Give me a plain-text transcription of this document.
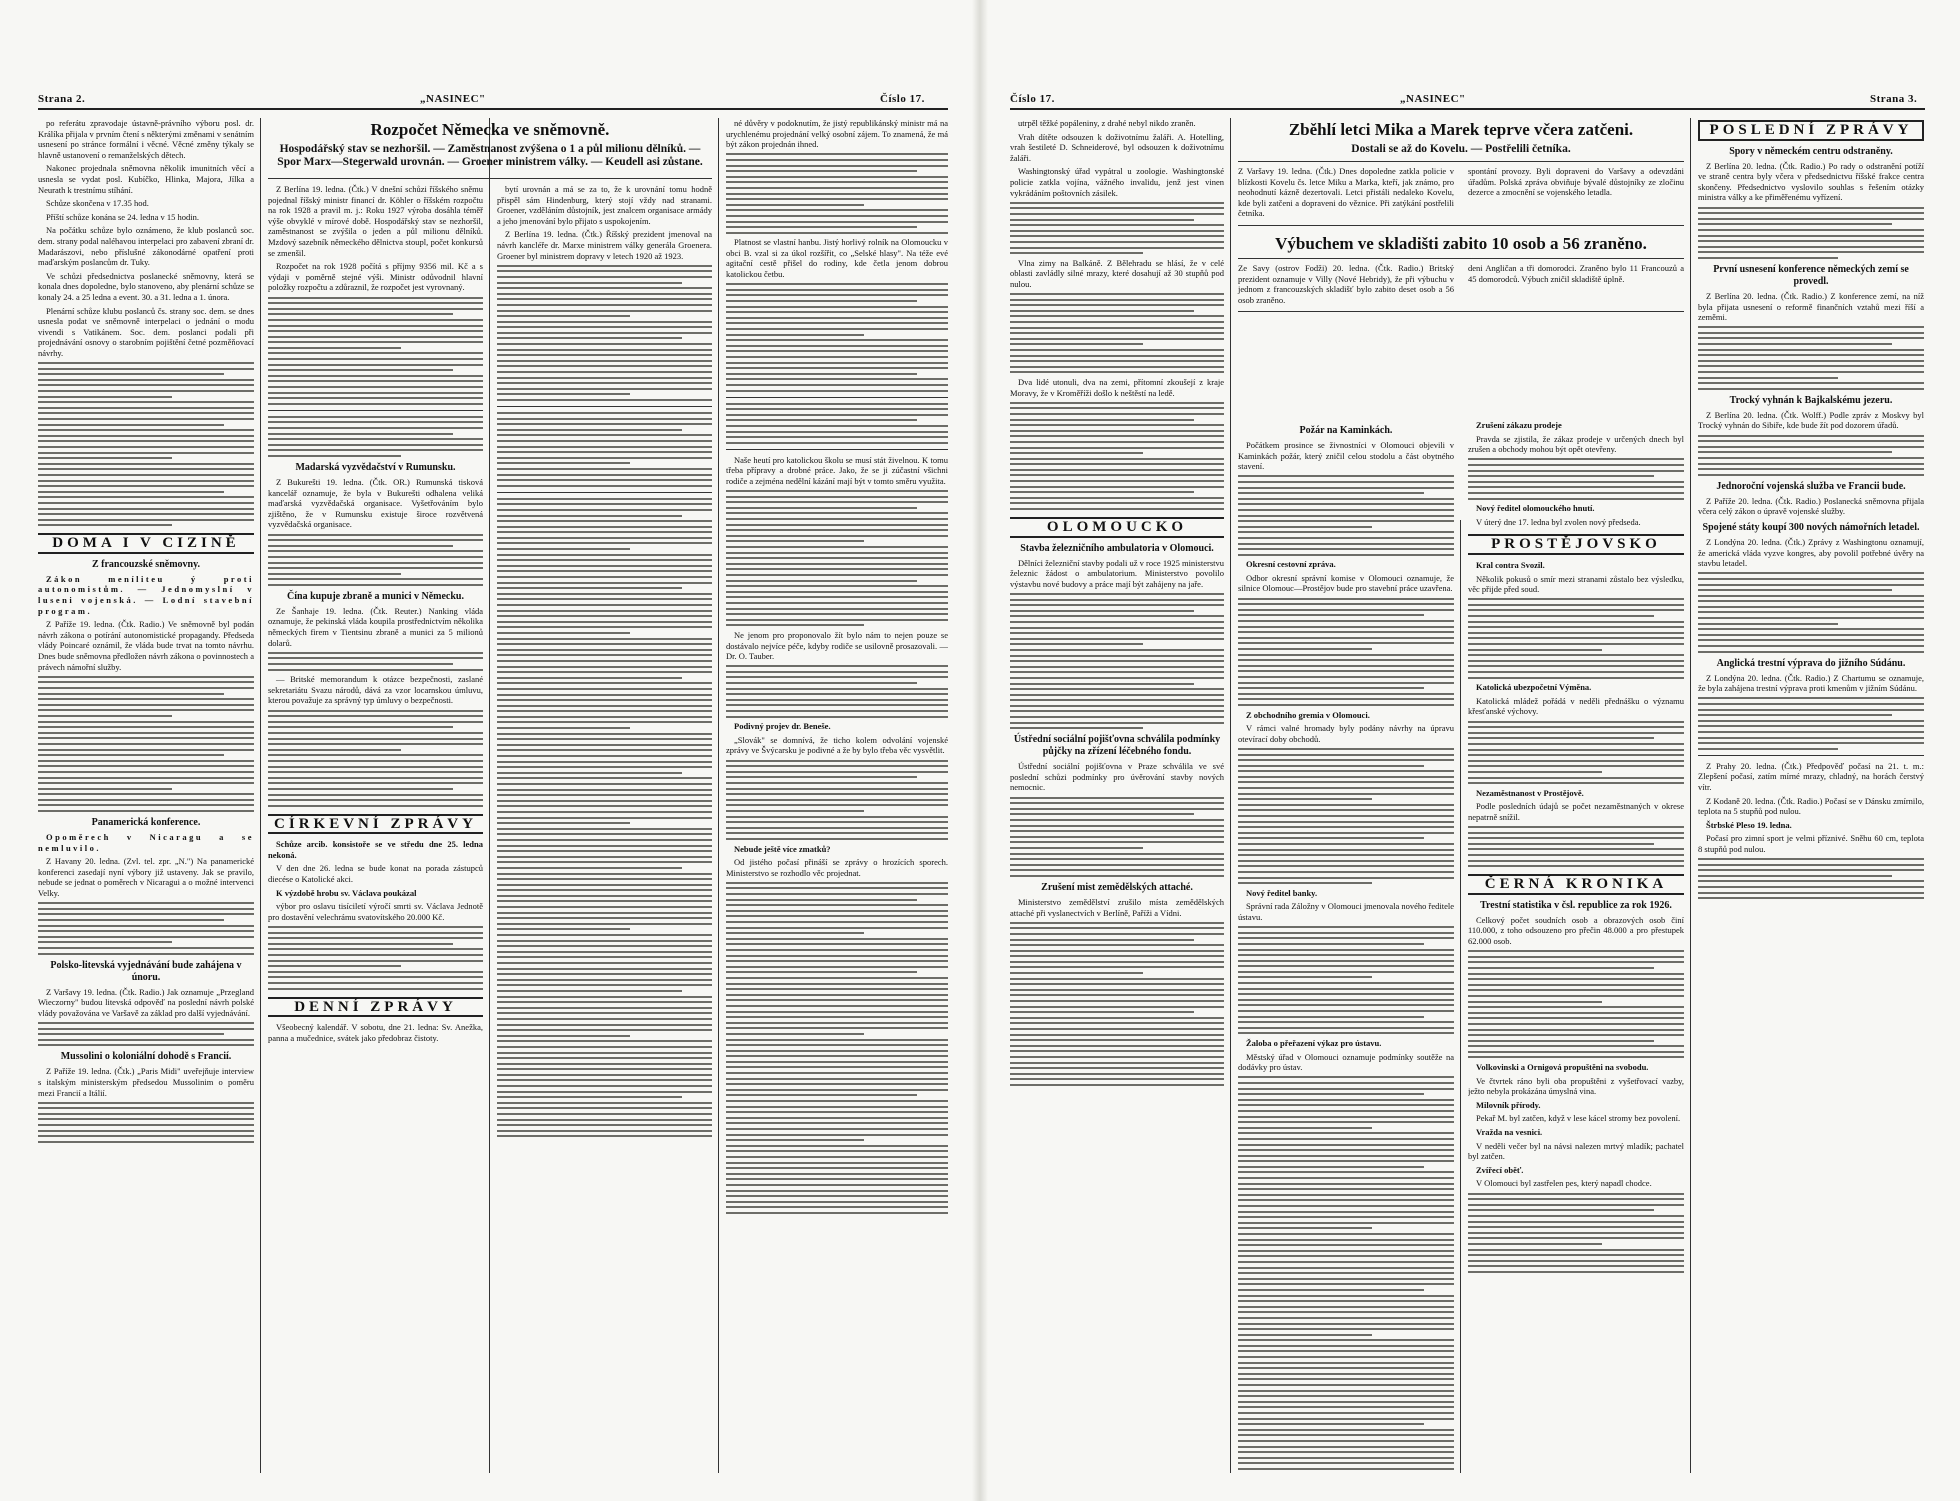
Strana 2.	„NASINEC"	Číslo 17.

po referátu zpravodaje ústavně-právního výboru posl. dr. Králíka přijala v prvním čtení s některými změnami v senátním usnesení po stránce formální i věcné. Věcné změny týkaly se hlavně ustanovení o remanželských dětech.

Nakonec projednala sněmovna několik imunitních věcí a usnesla se vydat posl. Kubíčko, Hlinka, Majora, Jílka a Neurath k trestnímu stíhání.

Schůze skončena v 17.35 hod.

Příští schůze konána se 24. ledna v 15 hodin.

Na počátku schůze bylo oznámeno, že klub poslanců soc. dem. strany podal naléhavou interpelaci pro zabavení zbraní dr. Madarászovi, nebo příslušné zákonodárné opatření proti maďarským poslancům dr. Tuky.

Ve schůzi předsednictva poslanecké sněmovny, která se konala dnes dopoledne, bylo stanoveno, aby plenární schůze se konaly 24. a 25 ledna a event. 30. a 31. ledna a 1. února.

Plenární schůze klubu poslanců čs. strany soc. dem. se dnes usnesla podat ve sněmovně interpelaci o jednání o modu vivendi s Vatikánem. Soc. dem. poslanci podali při projednávání osnovy o starobním pojištění četné pozměňovací návrhy.

DOMA I V CIZINĚ
Z francouzské sněmovny.

Zákon meníliteu ý proti autonomistům. — Jednomyslní v luseni vojenská. — Lodní stavební program.

Z Paříže 19. ledna. (Čtk. Radio.) Ve sněmovně byl podán návrh zákona o potírání autonomistické propagandy. Předseda vlády Poincaré oznámil, že vláda bude trvat na tomto návrhu. Dnes bude sněmovna předložen návrh zákona o povinnostech a právech námořní služby.

Panamerická konference.

Opoměrech v Nicaragu a se nemluvilo.

Z Havany 20. ledna. (Zvl. tel. zpr. „N.") Na panamerické konferenci zasedají nyní výbory již ustaveny. Jak se pravilo, nebude se jednat o poměrech v Nicaragui a o možné intervenci Velky.

Polsko-litevská vyjednávání bude zahájena v únoru.

Z Varšavy 19. ledna. (Čtk. Radio.) Jak oznamuje „Przegland Wieczorny" budou litevská odpověď na poslední návrh polské vlády považována ve Varšavě za základ pro další vyjednávání.

Mussolini o koloniální dohodě s Francií.

Z Paříže 19. ledna. (Čtk.) „Paris Midi" uveřejňuje interview s italským ministerským předsedou Mussolinim o poměru mezi Francií a Itálií.

Rozpočet Německa ve sněmovně.
Hospodářský stav se nezhoršil. — Zaměstnanost zvýšena o 1 a půl milionu dělníků. — Spor Marx—Stegerwald urovnán. — Groener ministrem války. — Keudell asi zůstane.

Z Berlína 19. ledna. (Čtk.) V dnešní schůzi říšského sněmu pojednal říšský ministr financí dr. Köhler o říšském rozpočtu na rok 1928 a pravil m. j.: Roku 1927 výroba dosáhla téměř výše obvyklé v mírové době. Hospodářský stav se nezhoršil, zaměstnanost se zvýšila o jeden a půl milionu dělníků. Mzdový sazebník německého dělnictva stoupl, počet konkursů se zmenšil.

Rozpočet na rok 1928 počítá s příjmy 9356 mil. Kč a s výdaji v poměrně stejné výši. Ministr odůvodnil hlavní položky rozpočtu a zdůraznil, že rozpočet jest vyrovnaný.

Madarská vyzvědačství v Rumunsku.

Z Bukurešti 19. ledna. (Čtk. OR.) Rumunská tisková kancelář oznamuje, že byla v Bukurešti odhalena veliká maďarská vyzvědačská organisace. Vyšetřováním bylo zjištěno, že v Rumunsku existuje široce rozvětvená vyzvědačská organisace.

Čína kupuje zbraně a munici v Německu.

Ze Šanhaje 19. ledna. (Čtk. Reuter.) Nanking vláda oznamuje, že pekinská vláda koupila prostřednictvím několika německých firem v Tientsinu zbraně a munici za 5 milionů dolarů.

— Britské memorandum k otázce bezpečnosti, zaslané sekretariátu Svazu národů, dává za vzor locarnskou úmluvu, kterou považuje za správný typ úmluvy o bezpečnosti.

CÍRKEVNÍ ZPRÁVY

Schůze arcib. konsistoře se ve středu dne 25. ledna nekoná.

V den dne 26. ledna se bude konat na porada zástupců diecése o Katolické akci.

K výzdobě hrobu sv. Václava poukázal

výbor pro oslavu tisíciletí výročí smrti sv. Václava Jednotě pro dostavění velechrámu svatovítského 20.000 Kč.

DENNÍ ZPRÁVY

Všeobecný kalendář. V sobotu, dne 21. ledna: Sv. Anežka, panna a mučednice, svátek jako předobraz čistoty.

bytí urovnán a má se za to, že k urovnání tomu hodně přispěl sám Hindenburg, který stojí vždy nad stranami. Groener, vzděláním důstojník, jest znalcem organisace armády a jeho jmenování bylo přijato s uspokojením.

Z Berlína 19. ledna. (Čtk.) Říšský prezident jmenoval na návrh kancléře dr. Marxe ministrem války generála Groenera. Groener byl ministrem dopravy v letech 1920 až 1923.

né důvěry v podoknutím, že jistý republikánský ministr má na urychlenému projednání velký osobní zájem. To znamená, že má být zákon projednán ihned.

Platnost se vlastní hanbu. Jistý horlivý rolník na Olomoucku v obci B. vzal si za úkol rozšířit, co „Selské hlasy". Na téže evé agitační cestě přišel do rodiny, kde četla jenom dobrou katolickou četbu.

Naše heutí pro katolickou školu se musí stát živelnou. K tomu třeba přípravy a drobné práce. Jako, že se ji zúčastní všichni rodiče a zejména nedělní kázání mají být v tomto směru využita.

Ne jenom pro proponovalo žít bylo nám to nejen pouze se dostávalo nejvíce péče, kdyby rodiče se usilovně prosazovali. — Dr. O. Tauber.

Podivný projev dr. Beneše.

„Slovák" se domnívá, že ticho kolem odvolání vojenské zprávy ve Švýcarsku je podivné a že by bylo třeba věc vysvětlit.

Nebude ještě více zmatků?

Od jistého počasí přináší se zprávy o hrozících sporech. Ministerstvo se rozhodlo věc projednat.

Číslo 17.	„NASINEC"	Strana 3.

utrpěl těžké popáleniny, z drahé nebyl nikdo zraněn.

Vrah dítěte odsouzen k doživotnímu žaláři. A. Hotelling, vrah šestileté D. Schneiderové, byl odsouzen k doživotnímu žaláři.

Washingtonský úřad vypátral u zoologie. Washingtonské policie zatkla vojína, vážného invalidu, jenž jest vinen vykrádáním poštovních zásilek.

Vlna zimy na Balkáně. Z Bělehradu se hlásí, že v celé oblasti zavládly silné mrazy, které dosahují až 30 stupňů pod nulou.

Dva lidé utonuli, dva na zemi, přítomní zkoušejí z kraje Moravy, že v Kroměříži došlo k neštěstí na ledě.

OLOMOUCKO
Stavba železničního ambulatoria v Olomouci.

Dělníci železniční stavby podali už v roce 1925 ministerstvu železnic žádost o ambulatorium. Ministerstvo povolilo výstavbu nové budovy a práce mají být zahájeny na jaře.

Ústřední sociální pojišťovna schválila podmínky půjčky na zřízení léčebného fondu.

Ústřední sociální pojišťovna v Praze schválila ve své poslední schůzi podmínky pro úvěrování stavby nových nemocnic.

Zrušení mist zemědělských attaché.

Ministerstvo zemědělství zrušilo místa zemědělských attaché při vyslanectvích v Berlíně, Paříži a Vídni.

Zběhlí letci Mika a Marek teprve včera zatčeni.
Dostali se až do Kovelu. — Postřelili četníka.

Z Varšavy 19. ledna. (Čtk.) Dnes dopoledne zatkla policie v blízkosti Kovelu čs. letce Miku a Marka, kteří, jak známo, pro neohodnutí kázně dezertovali. Letci přistáli nedaleko Kovelu, kde byli zatčeni a dopraveni do věznice. Při zatýkání postřelili četníka.

spontání provozy. Byli dopraveni do Varšavy a odevzdáni úřadům. Polská zpráva obviňuje bývalé důstojníky ze zločinu dezerce a zmocnění se vojenského letadla.

Výbuchem ve skladišti zabito 10 osob a 56 zraněno.

Ze Savy (ostrov Fodži) 20. ledna. (Čtk. Radio.) Britský prezident oznamuje v Villy (Nové Hebridy), že při výbuchu v jednom z francouzských skladišť bylo zabito deset osob a 56 osob zraněno.

deni Angličan a tři domorodci. Zraněno bylo 11 Francouzů a 45 domorodců. Výbuch zničil skladiště úplně.

Požár na Kaminkách.

Počátkem prosince se živnostníci v Olomouci objevili v Kaminkách požár, který zničil celou stodolu a část obytného stavení.

Okresní cestovní zpráva.

Odbor okresní správní komise v Olomouci oznamuje, že silnice Olomouc—Prostějov bude pro stavební práce uzavřena.

Z obchodního gremia v Olomouci.

V rámci valné hromady byly podány návrhy na úpravu otevírací doby obchodů.

Nový ředitel banky.

Správní rada Záložny v Olomouci jmenovala nového ředitele ústavu.

Žaloba o přeřazení výkaz pro ústavu.

Městský úřad v Olomouci oznamuje podmínky soutěže na dodávky pro ústav.

Zrušení zákazu prodeje

Pravda se zjistila, že zákaz prodeje v určených dnech byl zrušen a obchody mohou být opět otevřeny.

Nový ředitel olomouckého hnutí.

V úterý dne 17. ledna byl zvolen nový předseda.

PROSTĚJOVSKO

Kral contra Svozil.

Několik pokusů o smír mezi stranami zůstalo bez výsledku, věc přijde před soud.

Katolická ubezpočetní Výměna.

Katolická mládež pořádá v neděli přednášku o významu křesťanské výchovy.

Nezaměstnanost v Prostějově.

Podle posledních údajů se počet nezaměstnaných v okrese nepatrně snížil.

ČERNÁ KRONIKA
Trestní statistika v čsl. republice za rok 1926.

Celkový počet soudních osob a obrazových osob činí 110.000, z toho odsouzeno pro přečin 48.000 a pro přestupek 62.000 osob.

Volkovinski a Ornigová propuštěni na svobodu.

Ve čtvrtek ráno byli oba propuštěni z vyšetřovací vazby, ježto nebyla prokázána úmyslná vina.

Milovník přírody.

Pekař M. byl zatčen, když v lese kácel stromy bez povolení.

Vražda na vesnici.

V neděli večer byl na návsi nalezen mrtvý mladík; pachatel byl zatčen.

Zvířecí oběť.

V Olomouci byl zastřelen pes, který napadl chodce.

POSLEDNÍ ZPRÁVY
Spory v německém centru odstraněny.

Z Berlína 20. ledna. (Čtk. Radio.) Po rady o odstranění potíží ve straně centra byly včera v předsednictvu říšské frakce centra skončeny. Předsednictvo vyslovilo souhlas s řešením otázky ministra války a ke přiměřenému vyřízení.

První usnesení konference německých zemí se provedl.

Z Berlína 20. ledna. (Čtk. Radio.) Z konference zemí, na níž byla přijata usnesení o reformě finančních vztahů mezi říší a zeměmi.

Trocký vyhnán k Bajkalskému jezeru.

Z Berlína 20. ledna. (Čtk. Wolff.) Podle zpráv z Moskvy byl Trocký vyhnán do Sibiře, kde bude žít pod dozorem úřadů.

Jednoroční vojenská služba ve Francii bude.

Z Paříže 20. ledna. (Čtk. Radio.) Poslanecká sněmovna přijala včera celý zákon o úpravě vojenské služby.

Spojené státy koupí 300 nových námořních letadel.

Z Londýna 20. ledna. (Čtk.) Zprávy z Washingtonu oznamují, že americká vláda vyzve kongres, aby povolil potřebné úvěry na stavbu letadel.

Anglická trestní výprava do jižního Súdánu.

Z Londýna 20. ledna. (Čtk. Radio.) Z Chartumu se oznamuje, že byla zahájena trestní výprava proti kmenům v jižním Súdánu.

Z Prahy 20. ledna. (Čtk.) Předpověď počasí na 21. t. m.: Zlepšení počasí, zatím mírné mrazy, chladný, na horách čerstvý vítr.

Z Kodaně 20. ledna. (Čtk. Radio.) Počasí se v Dánsku zmírnilo, teplota na 5 stupňů pod nulou.

Štrbské Pleso 19. ledna.

Počasí pro zimní sport je velmi příznivé. Sněhu 60 cm, teplota 8 stupňů pod nulou.
